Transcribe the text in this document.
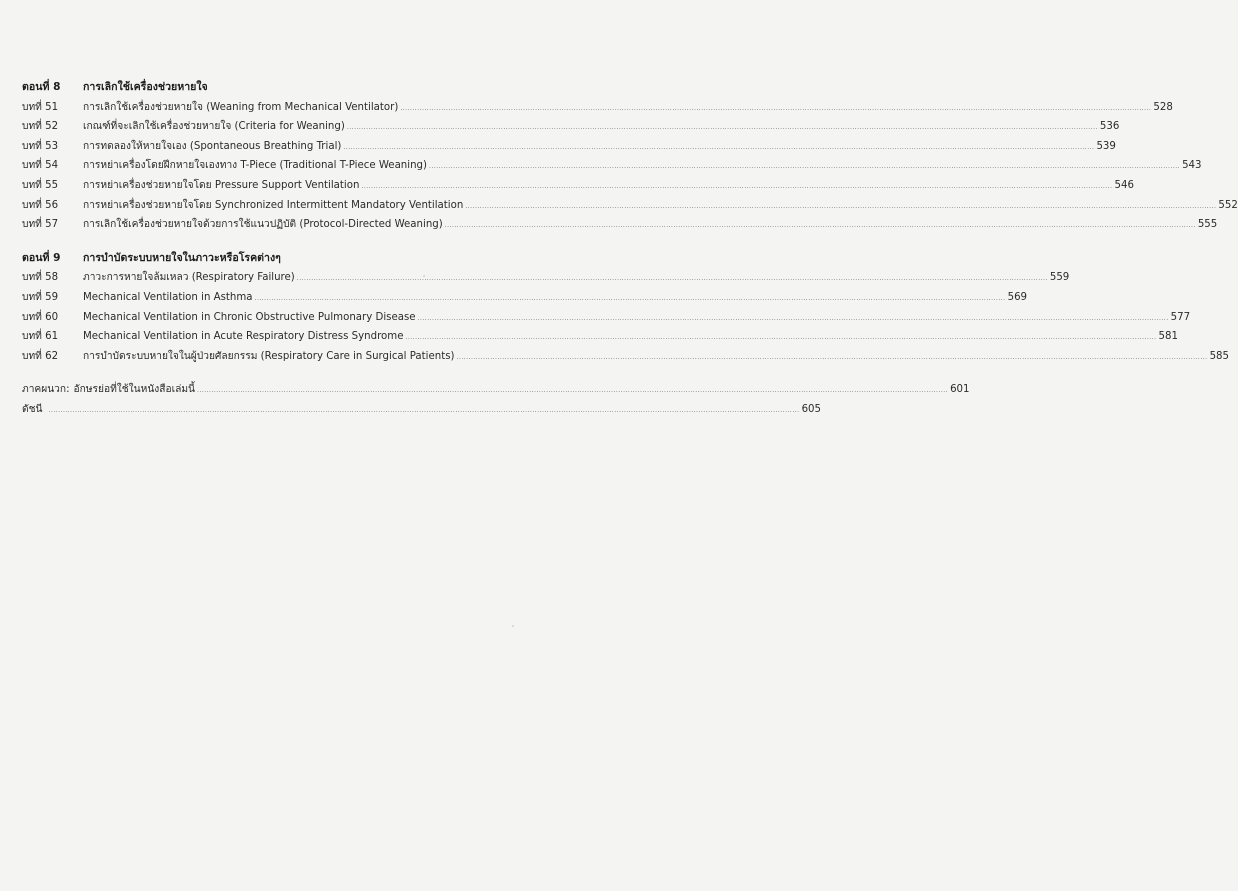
ตอนที่ 8	การเลิกใช้เครื่องช่วยหายใจ
บทที่ 51	การเลิกใช้เครื่องช่วยหายใจ (Weaning from Mechanical Ventilator) .....	528
บทที่ 52	เกณฑ์ที่จะเลิกใช้เครื่องช่วยหายใจ (Criteria for Weaning) .....	536
บทที่ 53	การทดลองให้หายใจเอง (Spontaneous Breathing Trial) .....	539
บทที่ 54	การหย่าเครื่องโดยฝึกหายใจเองทาง T-Piece (Traditional T-Piece Weaning) .....	543
บทที่ 55	การหย่าเครื่องช่วยหายใจโดย Pressure Support Ventilation .....	546
บทที่ 56	การหย่าเครื่องช่วยหายใจโดย Synchronized Intermittent Mandatory Ventilation .....	552
บทที่ 57	การเลิกใช้เครื่องช่วยหายใจด้วยการใช้แนวปฏิบัติ (Protocol-Directed Weaning) .....	555
ตอนที่ 9	การบำบัดระบบหายใจในภาวะหรือโรคต่างๆ
บทที่ 58	ภาวะการหายใจล้มเหลว (Respiratory Failure) .....	559
บทที่ 59	Mechanical Ventilation in Asthma .....	569
บทที่ 60	Mechanical Ventilation in Chronic Obstructive Pulmonary Disease .....	577
บทที่ 61	Mechanical Ventilation in Acute Respiratory Distress Syndrome .....	581
บทที่ 62	การบำบัดระบบหายใจในผู้ป่วยศัลยกรรม (Respiratory Care in Surgical Patients) .....	585
ภาคผนวก: อักษรย่อที่ใช้ในหนังสือเล่มนี้ .....	601
ดัชนี .....	605
,
,
